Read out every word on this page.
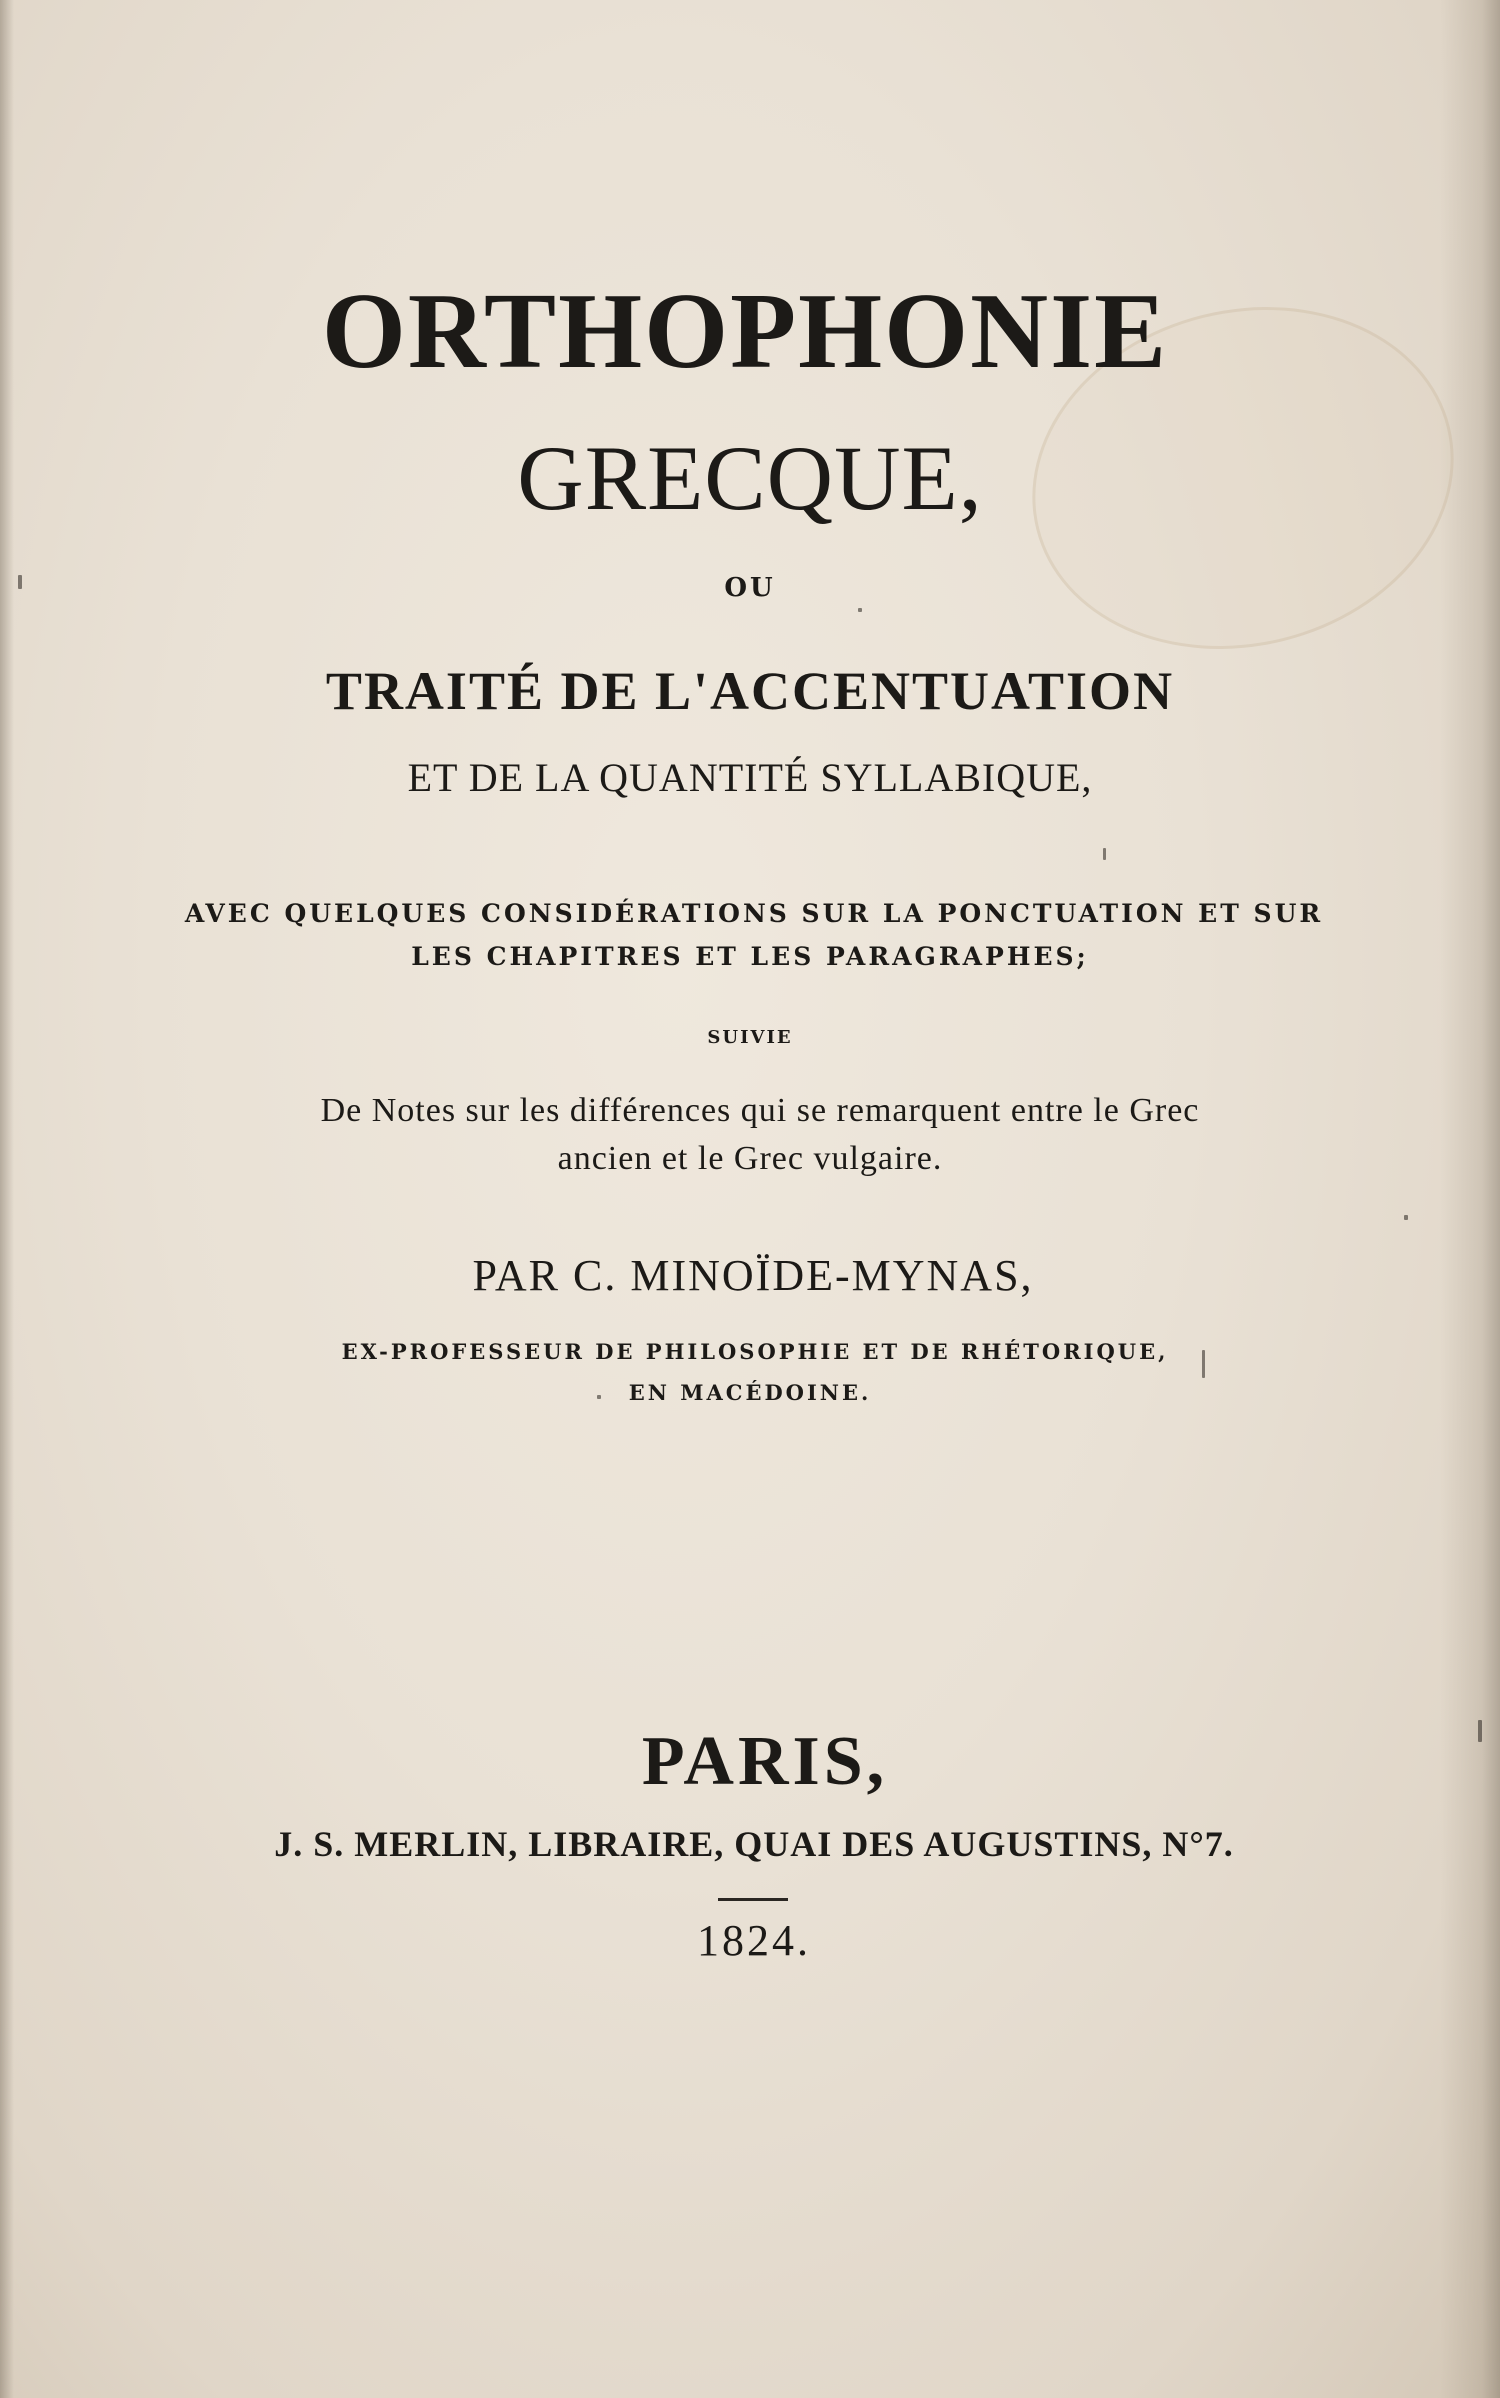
ORTHOPHONIE
GRECQUE,
OU
TRAITÉ DE L'ACCENTUATION
ET DE LA QUANTITÉ SYLLABIQUE,
AVEC QUELQUES CONSIDÉRATIONS SUR LA PONCTUATION ET SUR
LES CHAPITRES ET LES PARAGRAPHES;
SUIVIE
De Notes sur les différences qui se remarquent entre le Grec
ancien et le Grec vulgaire.
PAR C. MINOÏDE-MYNAS,
EX-PROFESSEUR DE PHILOSOPHIE ET DE RHÉTORIQUE,
EN MACÉDOINE.
PARIS,
J. S. MERLIN, LIBRAIRE, QUAI DES AUGUSTINS, N°7.
1824.
